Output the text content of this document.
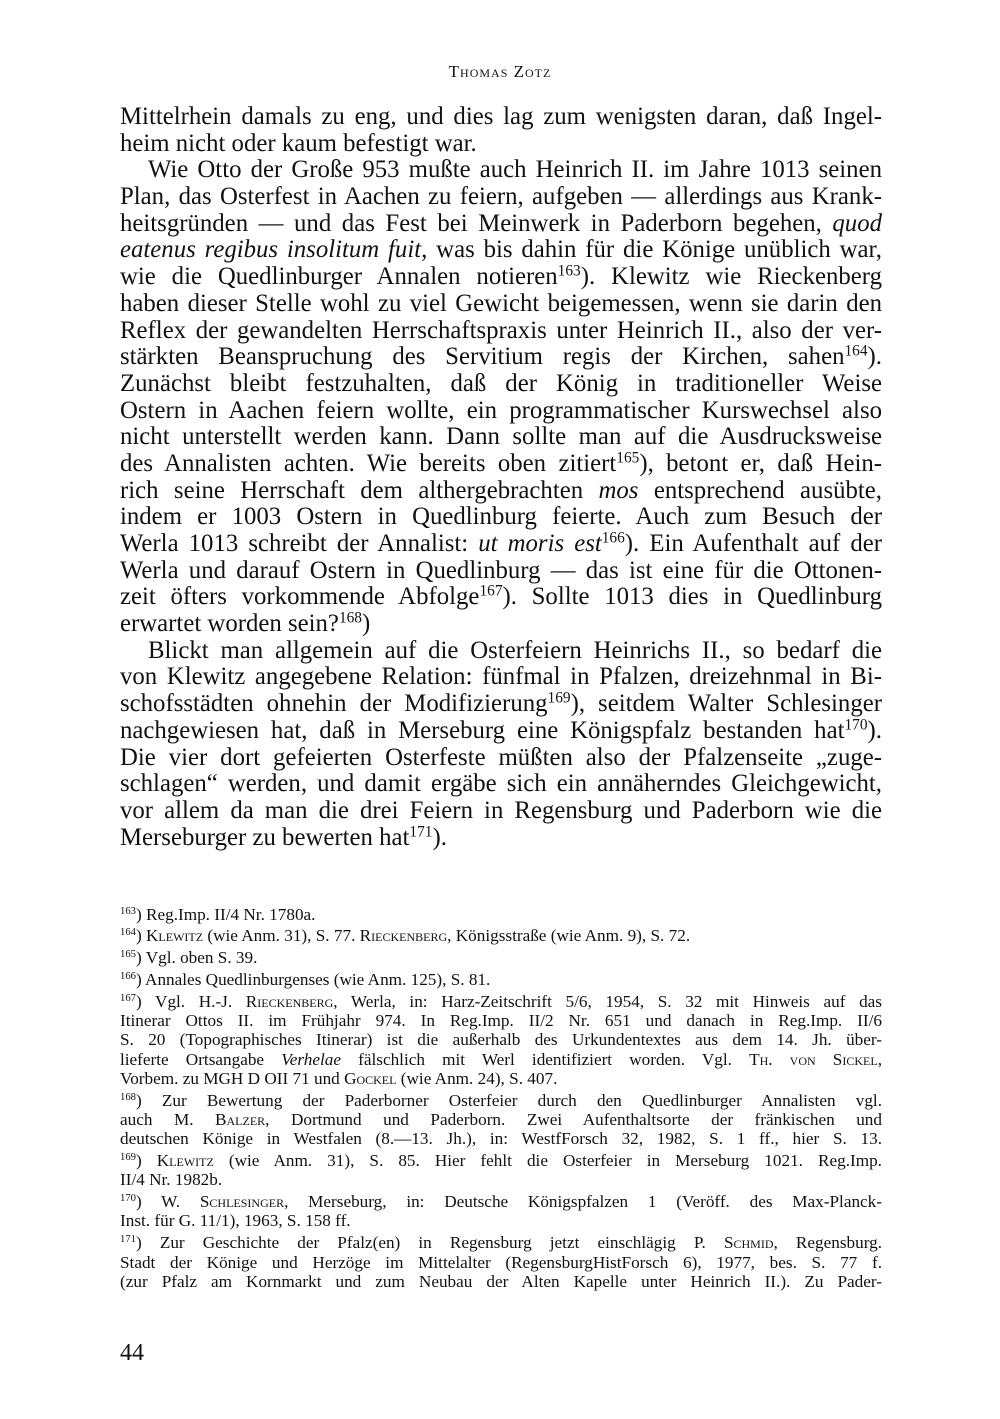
Thomas Zotz
Mittelrhein damals zu eng, und dies lag zum wenigsten daran, daß Ingel-
heim nicht oder kaum befestigt war.
Wie Otto der Große 953 mußte auch Heinrich II. im Jahre 1013 seinen
Plan, das Osterfest in Aachen zu feiern, aufgeben — allerdings aus Krank-
heitsgründen — und das Fest bei Meinwerk in Paderborn begehen, quod
eatenus regibus insolitum fuit, was bis dahin für die Könige unüblich war,
wie die Quedlinburger Annalen notieren$^{163}$). Klewitz wie Rieckenberg
haben dieser Stelle wohl zu viel Gewicht beigemessen, wenn sie darin den
Reflex der gewandelten Herrschaftspraxis unter Heinrich II., also der ver-
stärkten Beanspruchung des Servitium regis der Kirchen, sahen$^{164}$).
Zunächst bleibt festzuhalten, daß der König in traditioneller Weise
Ostern in Aachen feiern wollte, ein programmatischer Kurswechsel also
nicht unterstellt werden kann. Dann sollte man auf die Ausdrucksweise
des Annalisten achten. Wie bereits oben zitiert$^{165}$), betont er, daß Hein-
rich seine Herrschaft dem althergebrachten mos entsprechend ausübte,
indem er 1003 Ostern in Quedlinburg feierte. Auch zum Besuch der
Werla 1013 schreibt der Annalist: ut moris est$^{166}$). Ein Aufenthalt auf der
Werla und darauf Ostern in Quedlinburg — das ist eine für die Ottonen-
zeit öfters vorkommende Abfolge$^{167}$). Sollte 1013 dies in Quedlinburg
erwartet worden sein?$^{168}$)
Blickt man allgemein auf die Osterfeiern Heinrichs II., so bedarf die
von Klewitz angegebene Relation: fünfmal in Pfalzen, dreizehnmal in Bi-
schofsstädten ohnehin der Modifizierung$^{169}$), seitdem Walter Schlesinger
nachgewiesen hat, daß in Merseburg eine Königspfalz bestanden hat$^{170}$).
Die vier dort gefeierten Osterfeste müßten also der Pfalzenseite „zuge-
schlagen“ werden, und damit ergäbe sich ein annäherndes Gleichgewicht,
vor allem da man die drei Feiern in Regensburg und Paderborn wie die
Merseburger zu bewerten hat$^{171}$).
$^{163}$) Reg.Imp. II/4 Nr. 1780a.
$^{164}$) Klewitz (wie Anm. 31), S. 77. Rieckenberg, Königsstraße (wie Anm. 9), S. 72.
$^{165}$) Vgl. oben S. 39.
$^{166}$) Annales Quedlinburgenses (wie Anm. 125), S. 81.
$^{167}$) Vgl. H.-J. Rieckenberg, Werla, in: Harz-Zeitschrift 5/6, 1954, S. 32 mit Hinweis auf das
Itinerar Ottos II. im Frühjahr 974. In Reg.Imp. II/2 Nr. 651 und danach in Reg.Imp. II/6
S. 20 (Topographisches Itinerar) ist die außerhalb des Urkundentextes aus dem 14. Jh. über-
lieferte Ortsangabe Verhelae fälschlich mit Werl identifiziert worden. Vgl. Th. von Sickel,
Vorbem. zu MGH D OII 71 und Gockel (wie Anm. 24), S. 407.
$^{168}$) Zur Bewertung der Paderborner Osterfeier durch den Quedlinburger Annalisten vgl.
auch M. Balzer, Dortmund und Paderborn. Zwei Aufenthaltsorte der fränkischen und
deutschen Könige in Westfalen (8.—13. Jh.), in: WestfForsch 32, 1982, S. 1 ff., hier S. 13.
$^{169}$) Klewitz (wie Anm. 31), S. 85. Hier fehlt die Osterfeier in Merseburg 1021. Reg.Imp.
II/4 Nr. 1982b.
$^{170}$) W. Schlesinger, Merseburg, in: Deutsche Königspfalzen 1 (Veröff. des Max-Planck-
Inst. für G. 11/1), 1963, S. 158 ff.
$^{171}$) Zur Geschichte der Pfalz(en) in Regensburg jetzt einschlägig P. Schmid, Regensburg.
Stadt der Könige und Herzöge im Mittelalter (RegensburgHistForsch 6), 1977, bes. S. 77 f.
(zur Pfalz am Kornmarkt und zum Neubau der Alten Kapelle unter Heinrich II.). Zu Pader-
44
